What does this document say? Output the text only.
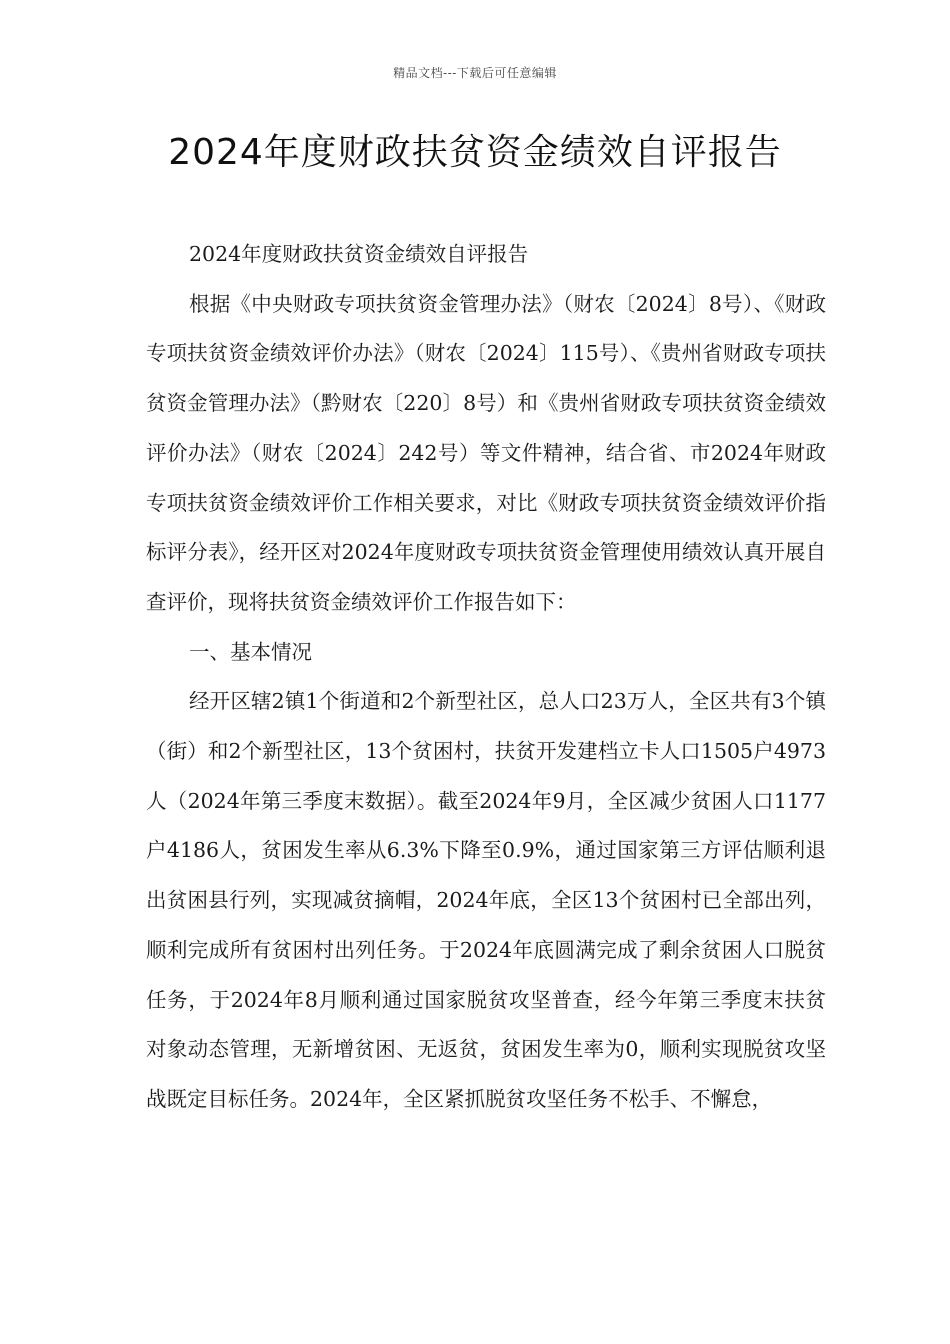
精品文档---下载后可任意编辑
2024年度财政扶贫资金绩效自评报告

2024年度财政扶贫资金绩效自评报告

根据《中央财政专项扶贫资金管理办法》（财农〔2024〕8号）、《财政专项扶贫资金绩效评价办法》（财农〔2024〕115号）、《贵州省财政专项扶贫资金管理办法》（黔财农〔220〕8号）和《贵州省财政专项扶贫资金绩效评价办法》（财农〔2024〕242号）等文件精神，结合省、市2024年财政专项扶贫资金绩效评价工作相关要求，对比《财政专项扶贫资金绩效评价指标评分表》，经开区对2024年度财政专项扶贫资金管理使用绩效认真开展自查评价，现将扶贫资金绩效评价工作报告如下：

一、基本情况

经开区辖2镇1个街道和2个新型社区，总人口23万人，全区共有3个镇（街）和2个新型社区，13个贫困村，扶贫开发建档立卡人口1505户4973人（2024年第三季度末数据）。截至2024年9月，全区减少贫困人口1177户4186人，贫困发生率从6.3%下降至0.9%，通过国家第三方评估顺利退出贫困县行列，实现减贫摘帽，2024年底，全区13个贫困村已全部出列，顺利完成所有贫困村出列任务。于2024年底圆满完成了剩余贫困人口脱贫任务，于2024年8月顺利通过国家脱贫攻坚普查，经今年第三季度末扶贫对象动态管理，无新增贫困、无返贫，贫困发生率为0，顺利实现脱贫攻坚战既定目标任务。2024年，全区紧抓脱贫攻坚任务不松手、不懈怠，
